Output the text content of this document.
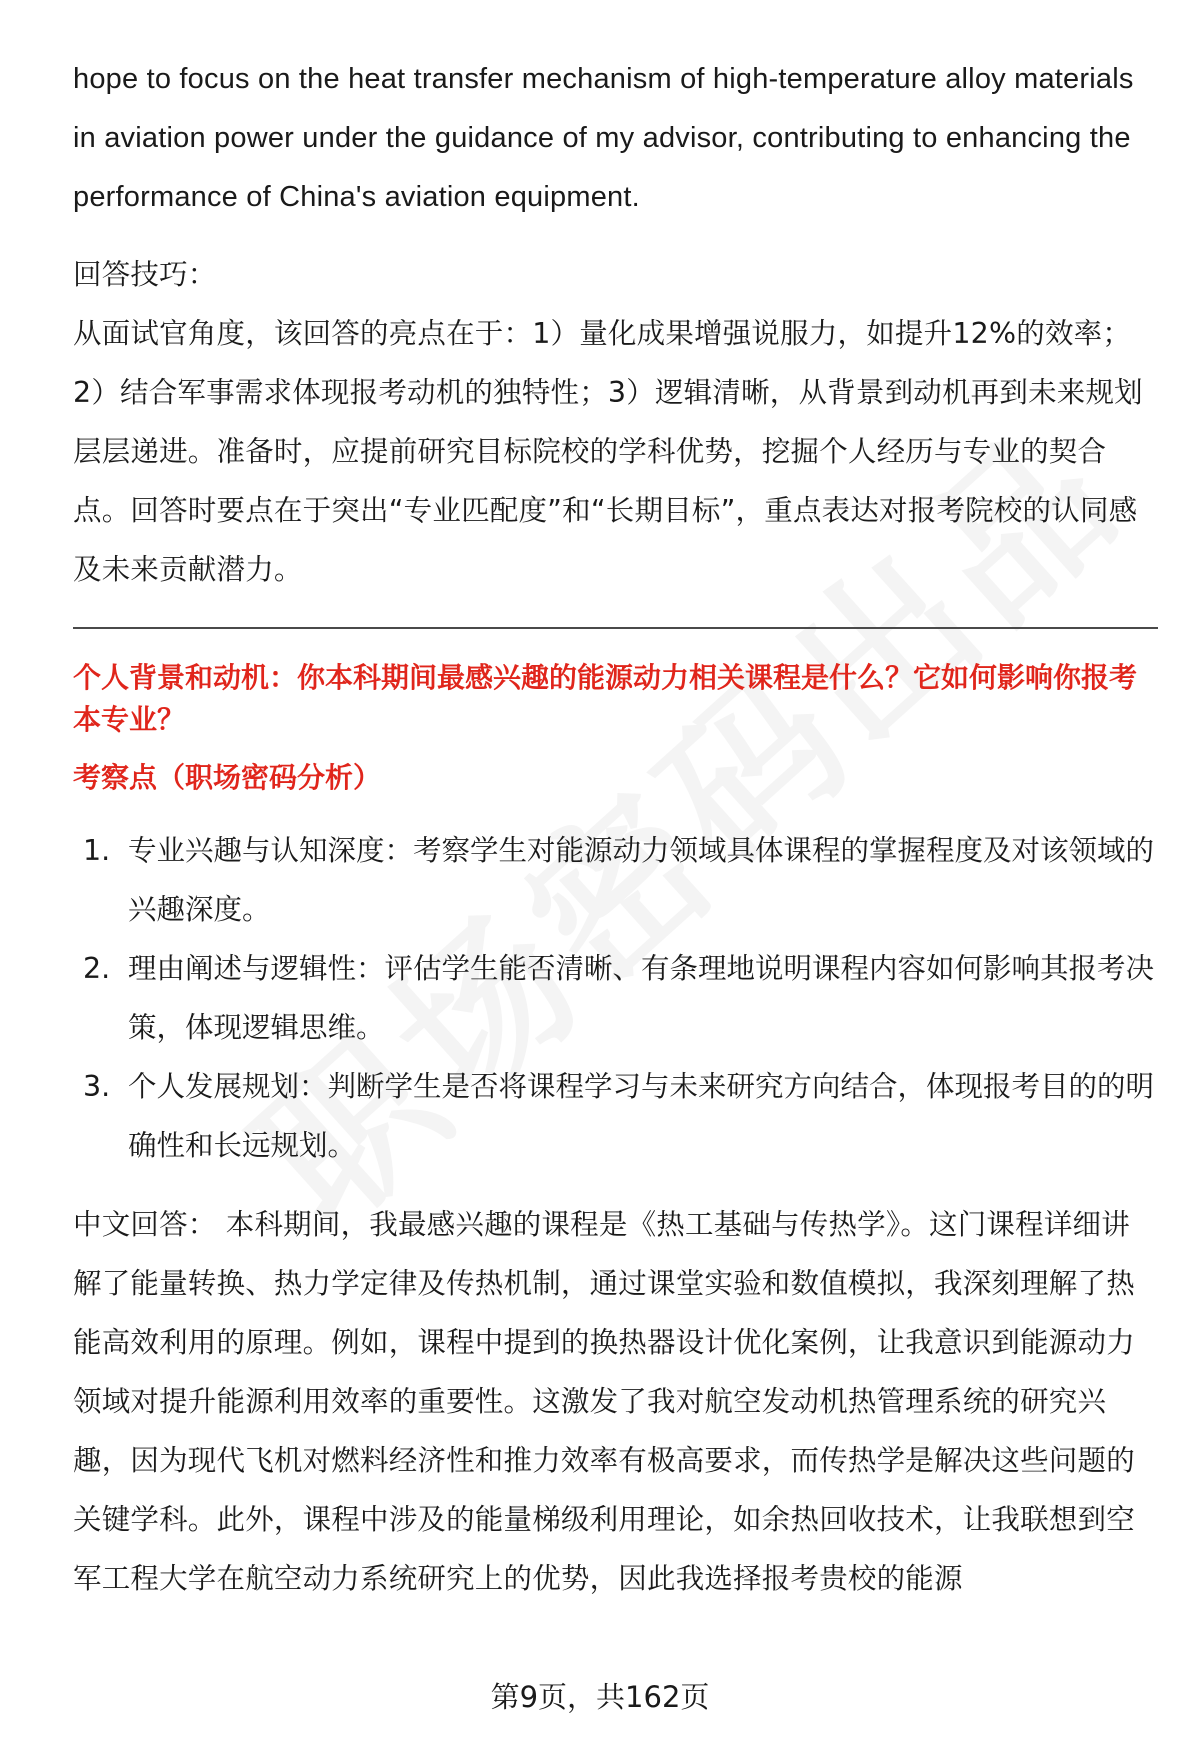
hope to focus on the heat transfer mechanism of high-temperature alloy materials in aviation power under the guidance of my advisor, contributing to enhancing the performance of China's aviation equipment.

回答技巧：

从面试官角度，该回答的亮点在于：1）量化成果增强说服力，如提升12%的效率；2）结合军事需求体现报考动机的独特性；3）逻辑清晰，从背景到动机再到未来规划层层递进。准备时，应提前研究目标院校的学科优势，挖掘个人经历与专业的契合点。回答时要点在于突出“专业匹配度”和“长期目标”，重点表达对报考院校的认同感及未来贡献潜力。

个人背景和动机：你本科期间最感兴趣的能源动力相关课程是什么？它如何影响你报考本专业？

考察点（职场密码分析）

1. 专业兴趣与认知深度：考察学生对能源动力领域具体课程的掌握程度及对该领域的兴趣深度。
2. 理由阐述与逻辑性：评估学生能否清晰、有条理地说明课程内容如何影响其报考决策，体现逻辑思维。
3. 个人发展规划：判断学生是否将课程学习与未来研究方向结合，体现报考目的的明确性和长远规划。

中文回答： 本科期间，我最感兴趣的课程是《热工基础与传热学》。这门课程详细讲解了能量转换、热力学定律及传热机制，通过课堂实验和数值模拟，我深刻理解了热能高效利用的原理。例如，课程中提到的换热器设计优化案例，让我意识到能源动力领域对提升能源利用效率的重要性。这激发了我对航空发动机热管理系统的研究兴趣，因为现代飞机对燃料经济性和推力效率有极高要求，而传热学是解决这些问题的关键学科。此外，课程中涉及的能量梯级利用理论，如余热回收技术，让我联想到空军工程大学在航空动力系统研究上的优势，因此我选择报考贵校的能源

第9页，共162页
